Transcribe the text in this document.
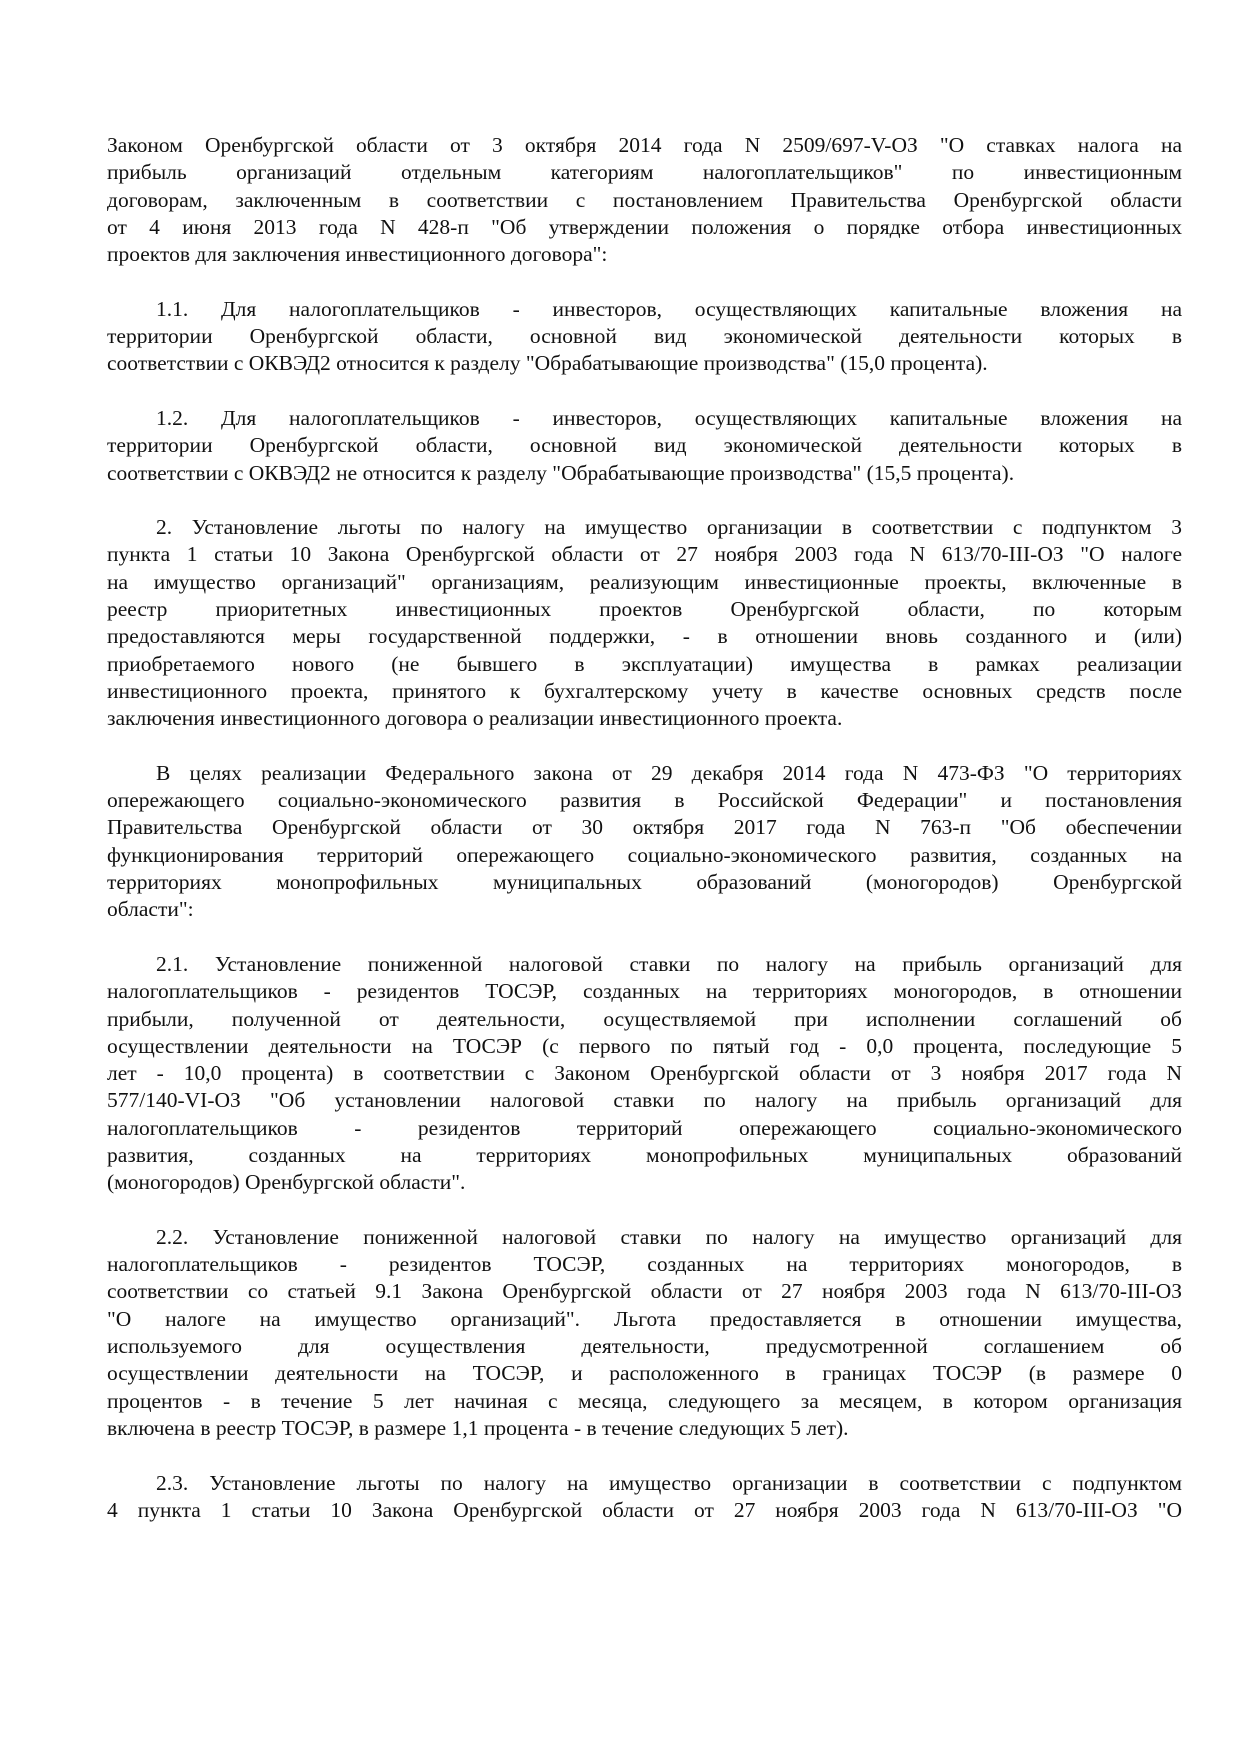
Законом Оренбургской области от 3 октября 2014 года N 2509/697-V-ОЗ "О ставках налога на
прибыль организаций отдельным категориям налогоплательщиков" по инвестиционным
договорам, заключенным в соответствии с постановлением Правительства Оренбургской области
от 4 июня 2013 года N 428-п "Об утверждении положения о порядке отбора инвестиционных
проектов для заключения инвестиционного договора":

1.1. Для налогоплательщиков - инвесторов, осуществляющих капитальные вложения на
территории Оренбургской области, основной вид экономической деятельности которых в
соответствии с ОКВЭД2 относится к разделу "Обрабатывающие производства" (15,0 процента).

1.2. Для налогоплательщиков - инвесторов, осуществляющих капитальные вложения на
территории Оренбургской области, основной вид экономической деятельности которых в
соответствии с ОКВЭД2 не относится к разделу "Обрабатывающие производства" (15,5 процента).

2. Установление льготы по налогу на имущество организации в соответствии с подпунктом 3
пункта 1 статьи 10 Закона Оренбургской области от 27 ноября 2003 года N 613/70-III-ОЗ "О налоге
на имущество организаций" организациям, реализующим инвестиционные проекты, включенные в
реестр приоритетных инвестиционных проектов Оренбургской области, по которым
предоставляются меры государственной поддержки, - в отношении вновь созданного и (или)
приобретаемого нового (не бывшего в эксплуатации) имущества в рамках реализации
инвестиционного проекта, принятого к бухгалтерскому учету в качестве основных средств после
заключения инвестиционного договора о реализации инвестиционного проекта.

В целях реализации Федерального закона от 29 декабря 2014 года N 473-ФЗ "О территориях
опережающего социально-экономического развития в Российской Федерации" и постановления
Правительства Оренбургской области от 30 октября 2017 года N 763-п "Об обеспечении
функционирования территорий опережающего социально-экономического развития, созданных на
территориях монопрофильных муниципальных образований (моногородов) Оренбургской
области":

2.1. Установление пониженной налоговой ставки по налогу на прибыль организаций для
налогоплательщиков - резидентов ТОСЭР, созданных на территориях моногородов, в отношении
прибыли, полученной от деятельности, осуществляемой при исполнении соглашений об
осуществлении деятельности на ТОСЭР (с первого по пятый год - 0,0 процента, последующие 5
лет - 10,0 процента) в соответствии с Законом Оренбургской области от 3 ноября 2017 года N
577/140-VI-ОЗ "Об установлении налоговой ставки по налогу на прибыль организаций для
налогоплательщиков - резидентов территорий опережающего социально-экономического
развития, созданных на территориях монопрофильных муниципальных образований
(моногородов) Оренбургской области".

2.2. Установление пониженной налоговой ставки по налогу на имущество организаций для
налогоплательщиков - резидентов ТОСЭР, созданных на территориях моногородов, в
соответствии со статьей 9.1 Закона Оренбургской области от 27 ноября 2003 года N 613/70-III-ОЗ
"О налоге на имущество организаций". Льгота предоставляется в отношении имущества,
используемого для осуществления деятельности, предусмотренной соглашением об
осуществлении деятельности на ТОСЭР, и расположенного в границах ТОСЭР (в размере 0
процентов - в течение 5 лет начиная с месяца, следующего за месяцем, в котором организация
включена в реестр ТОСЭР, в размере 1,1 процента - в течение следующих 5 лет).

2.3. Установление льготы по налогу на имущество организации в соответствии с подпунктом
4 пункта 1 статьи 10 Закона Оренбургской области от 27 ноября 2003 года N 613/70-III-ОЗ "О
